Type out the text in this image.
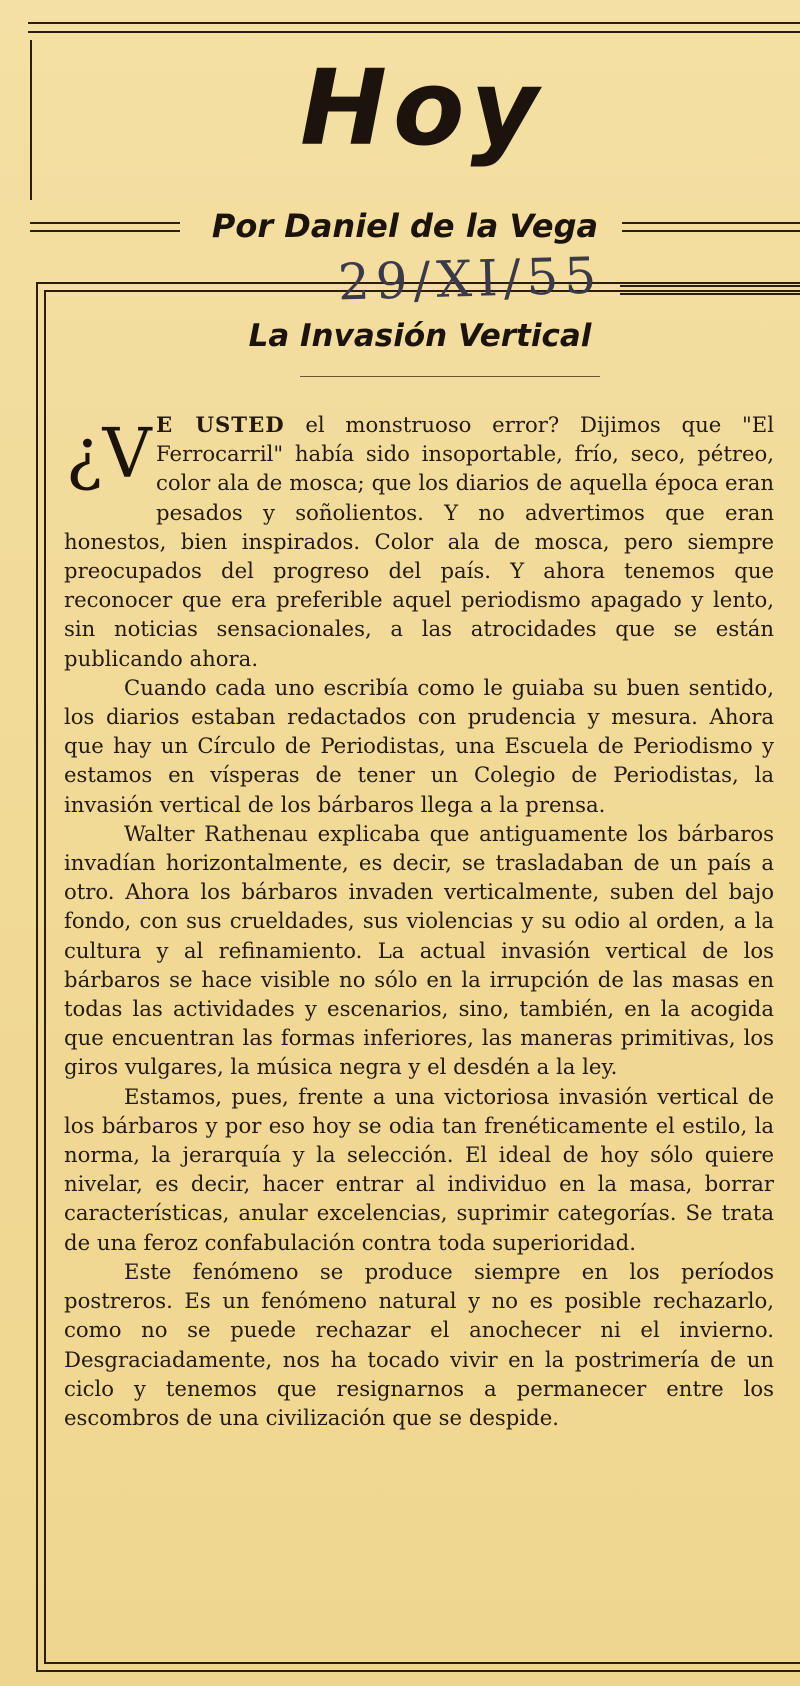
Hoy
Por Daniel de la Vega
29/XI/55
La Invasión Vertical
¿V E USTED el monstruoso error? Dijimos que "El Ferrocarril" había sido insoportable, frío, seco, pétreo, color ala de mosca; que los diarios de aquella época eran pesados y soñolientos. Y no advertimos que eran honestos, bien inspirados. Color ala de mosca, pero siempre preocupados del progreso del país. Y ahora tenemos que reconocer que era preferible aquel periodismo apagado y lento, sin noticias sensacionales, a las atrocidades que se están publicando ahora.

Cuando cada uno escribía como le guiaba su buen sentido, los diarios estaban redactados con prudencia y mesura. Ahora que hay un Círculo de Periodistas, una Escuela de Periodismo y estamos en vísperas de tener un Colegio de Periodistas, la invasión vertical de los bárbaros llega a la prensa.

Walter Rathenau explicaba que antiguamente los bárbaros invadían horizontalmente, es decir, se trasladaban de un país a otro. Ahora los bárbaros invaden verticalmente, suben del bajo fondo, con sus crueldades, sus violencias y su odio al orden, a la cultura y al refinamiento. La actual invasión vertical de los bárbaros se hace visible no sólo en la irrupción de las masas en todas las actividades y escenarios, sino, también, en la acogida que encuentran las formas inferiores, las maneras primitivas, los giros vulgares, la música negra y el desdén a la ley.

Estamos, pues, frente a una victoriosa invasión vertical de los bárbaros y por eso hoy se odia tan frenéticamente el estilo, la norma, la jerarquía y la selección. El ideal de hoy sólo quiere nivelar, es decir, hacer entrar al individuo en la masa, borrar características, anular excelencias, suprimir categorías. Se trata de una feroz confabulación contra toda superioridad.

Este fenómeno se produce siempre en los períodos postreros. Es un fenómeno natural y no es posible rechazarlo, como no se puede rechazar el anochecer ni el invierno. Desgraciadamente, nos ha tocado vivir en la postrimería de un ciclo y tenemos que resignarnos a permanecer entre los escombros de una civilización que se despide.
